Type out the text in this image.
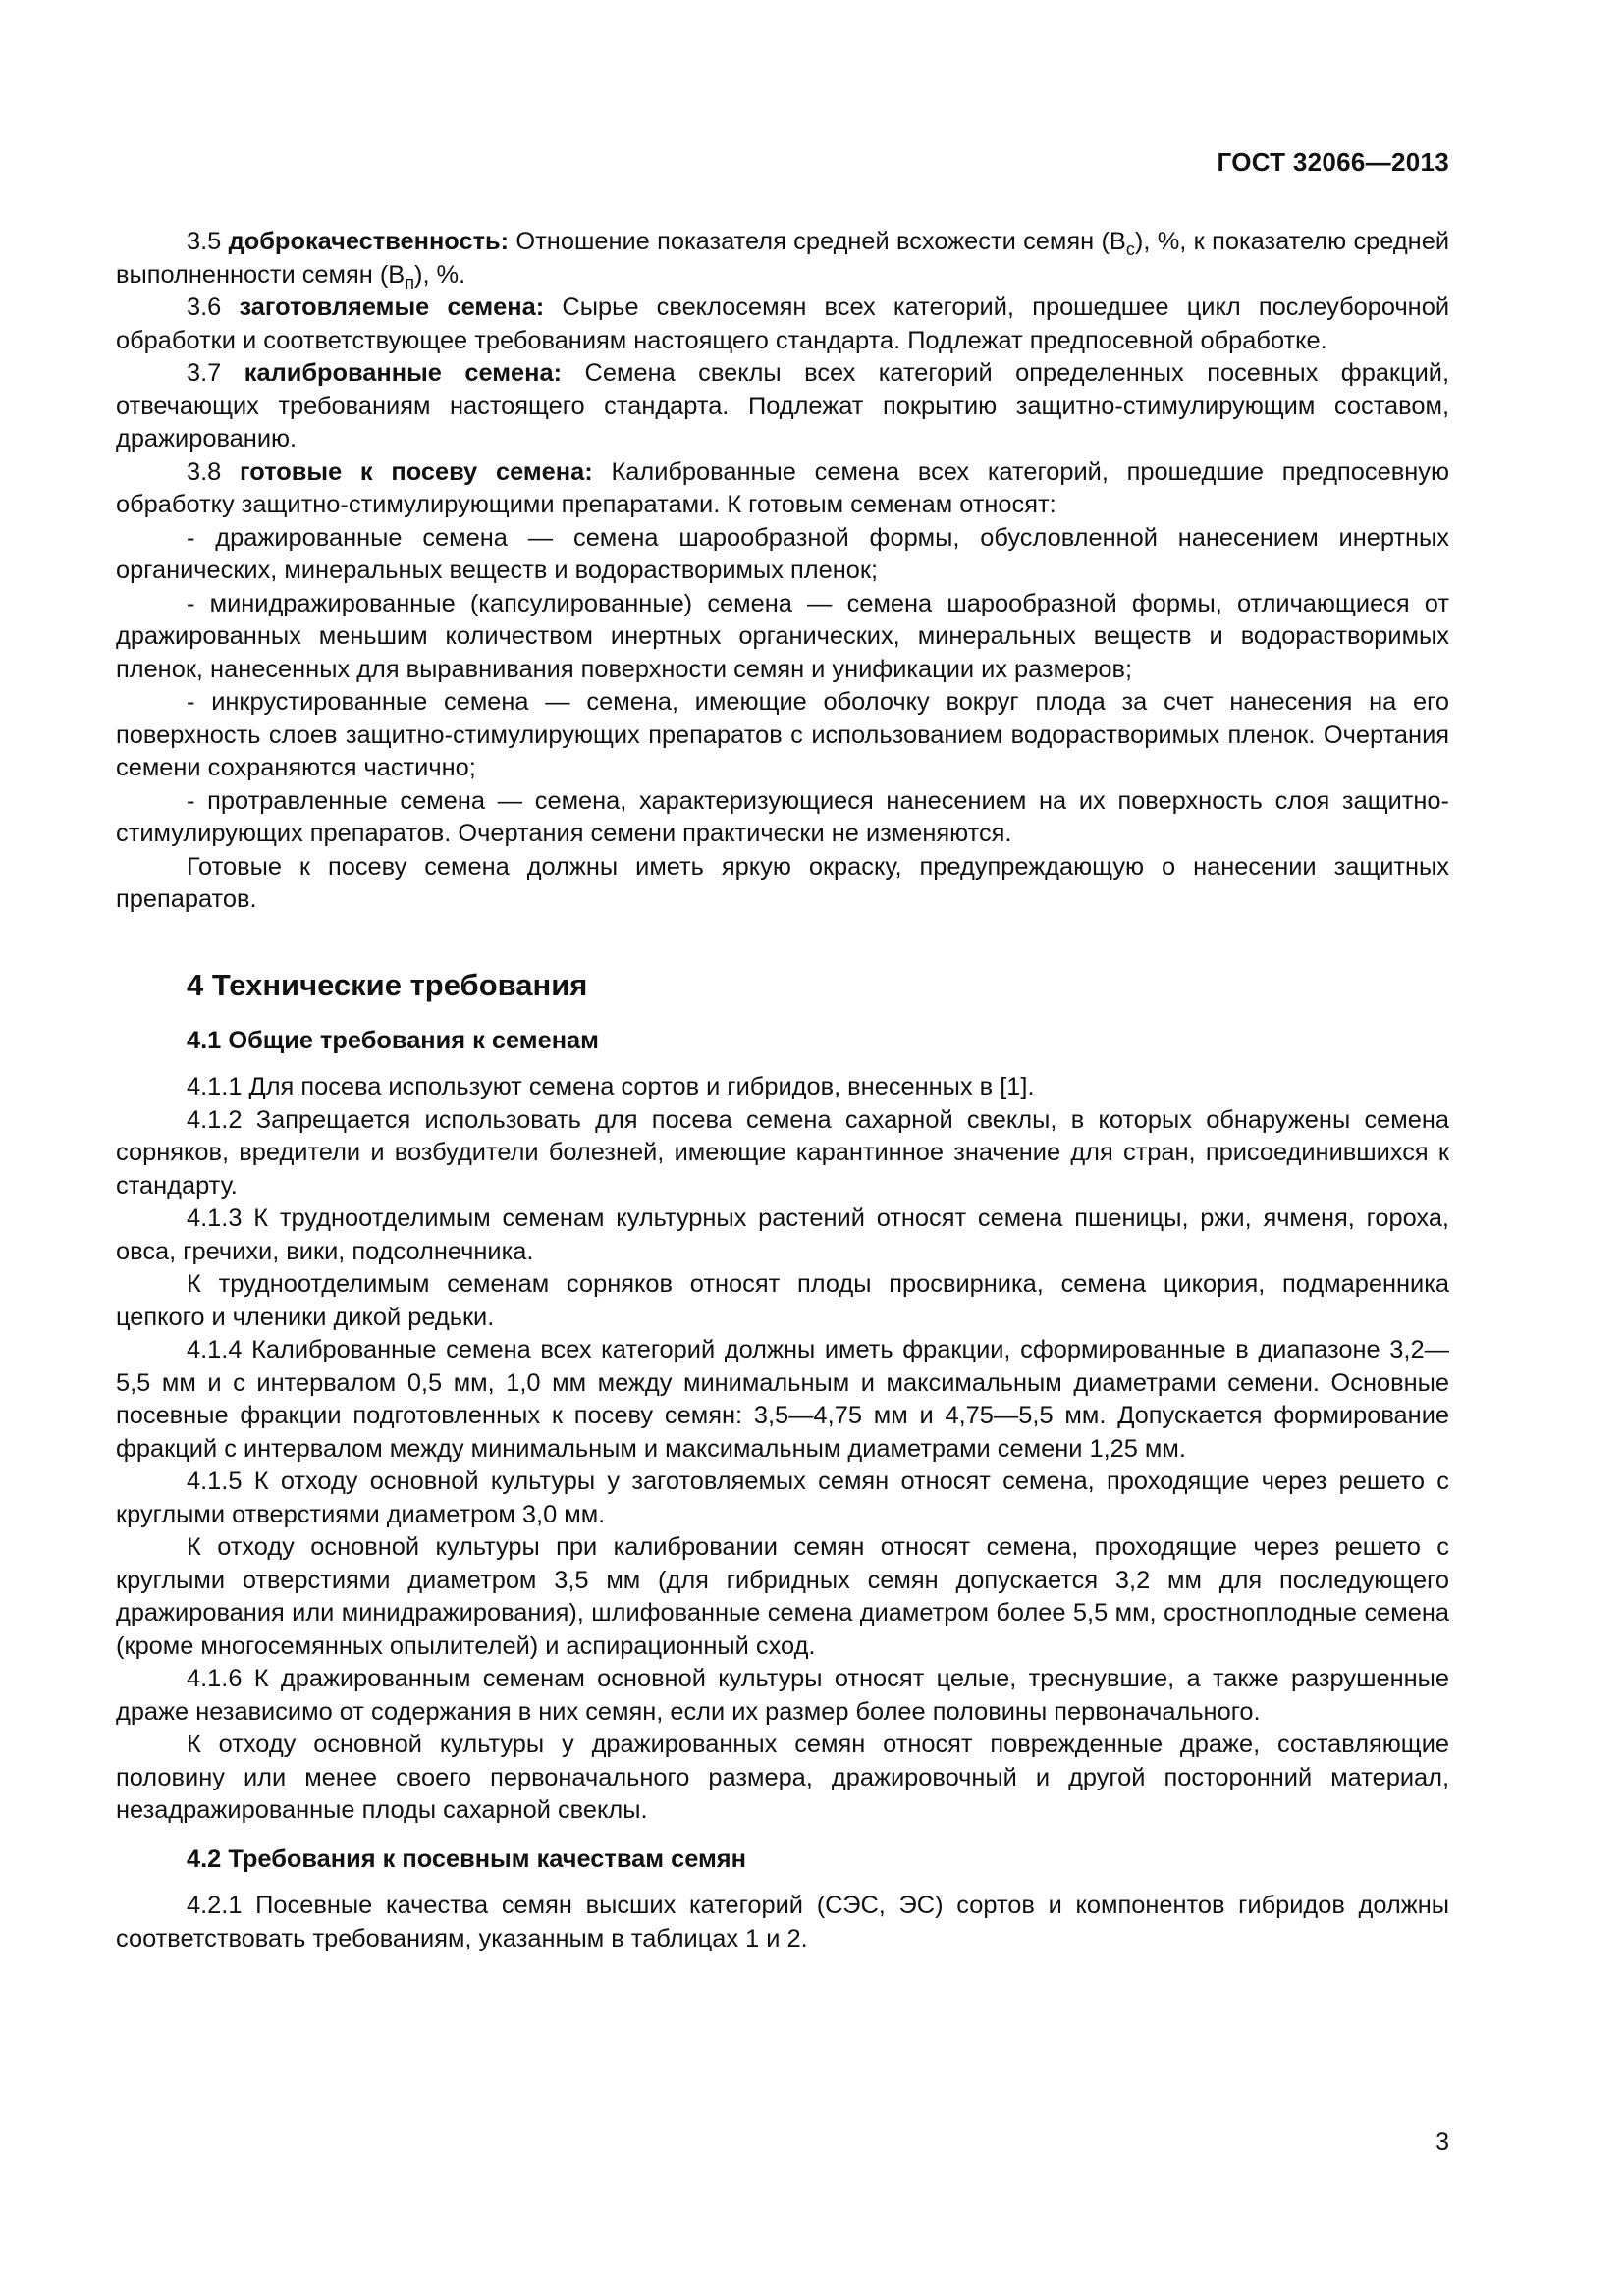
ГОСТ 32066—2013

3.5 доброкачественность: Отношение показателя средней всхожести семян $(В_с)$, %, к показателю средней выполненности семян $(В_п)$, %.

3.6 заготовляемые семена: Сырье свеклосемян всех категорий, прошедшее цикл послеуборочной обработки и соответствующее требованиям настоящего стандарта. Подлежат предпосевной обработке.

3.7 калиброванные семена: Семена свеклы всех категорий определенных посевных фракций, отвечающих требованиям настоящего стандарта. Подлежат покрытию защитно-стимулирующим составом, дражированию.

3.8 готовые к посеву семена: Калиброванные семена всех категорий, прошедшие предпосевную обработку защитно-стимулирующими препаратами. К готовым семенам относят:

- дражированные семена — семена шарообразной формы, обусловленной нанесением инертных органических, минеральных веществ и водорастворимых пленок;

- минидражированные (капсулированные) семена — семена шарообразной формы, отличающиеся от дражированных меньшим количеством инертных органических, минеральных веществ и водорастворимых пленок, нанесенных для выравнивания поверхности семян и унификации их размеров;

- инкрустированные семена — семена, имеющие оболочку вокруг плода за счет нанесения на его поверхность слоев защитно-стимулирующих препаратов с использованием водорастворимых пленок. Очертания семени сохраняются частично;

- протравленные семена — семена, характеризующиеся нанесением на их поверхность слоя защитно-стимулирующих препаратов. Очертания семени практически не изменяются.

Готовые к посеву семена должны иметь яркую окраску, предупреждающую о нанесении защитных препаратов.

4 Технические требования
4.1 Общие требования к семенам

4.1.1 Для посева используют семена сортов и гибридов, внесенных в [1].

4.1.2 Запрещается использовать для посева семена сахарной свеклы, в которых обнаружены семена сорняков, вредители и возбудители болезней, имеющие карантинное значение для стран, присоединившихся к стандарту.

4.1.3 К трудноотделимым семенам культурных растений относят семена пшеницы, ржи, ячменя, гороха, овса, гречихи, вики, подсолнечника.

К трудноотделимым семенам сорняков относят плоды просвирника, семена цикория, подмаренника цепкого и членики дикой редьки.

4.1.4 Калиброванные семена всех категорий должны иметь фракции, сформированные в диапазоне 3,2—5,5 мм и с интервалом 0,5 мм, 1,0 мм между минимальным и максимальным диаметрами семени. Основные посевные фракции подготовленных к посеву семян: 3,5—4,75 мм и 4,75—5,5 мм. Допускается формирование фракций с интервалом между минимальным и максимальным диаметрами семени 1,25 мм.

4.1.5 К отходу основной культуры у заготовляемых семян относят семена, проходящие через решето с круглыми отверстиями диаметром 3,0 мм.

К отходу основной культуры при калибровании семян относят семена, проходящие через решето с круглыми отверстиями диаметром 3,5 мм (для гибридных семян допускается 3,2 мм для последующего дражирования или минидражирования), шлифованные семена диаметром более 5,5 мм, сростноплодные семена (кроме многосемянных опылителей) и аспирационный сход.

4.1.6 К дражированным семенам основной культуры относят целые, треснувшие, а также разрушенные драже независимо от содержания в них семян, если их размер более половины первоначального.

К отходу основной культуры у дражированных семян относят поврежденные драже, составляющие половину или менее своего первоначального размера, дражировочный и другой посторонний материал, незадражированные плоды сахарной свеклы.

4.2 Требования к посевным качествам семян

4.2.1 Посевные качества семян высших категорий (СЭС, ЭС) сортов и компонентов гибридов должны соответствовать требованиям, указанным в таблицах 1 и 2.

3
